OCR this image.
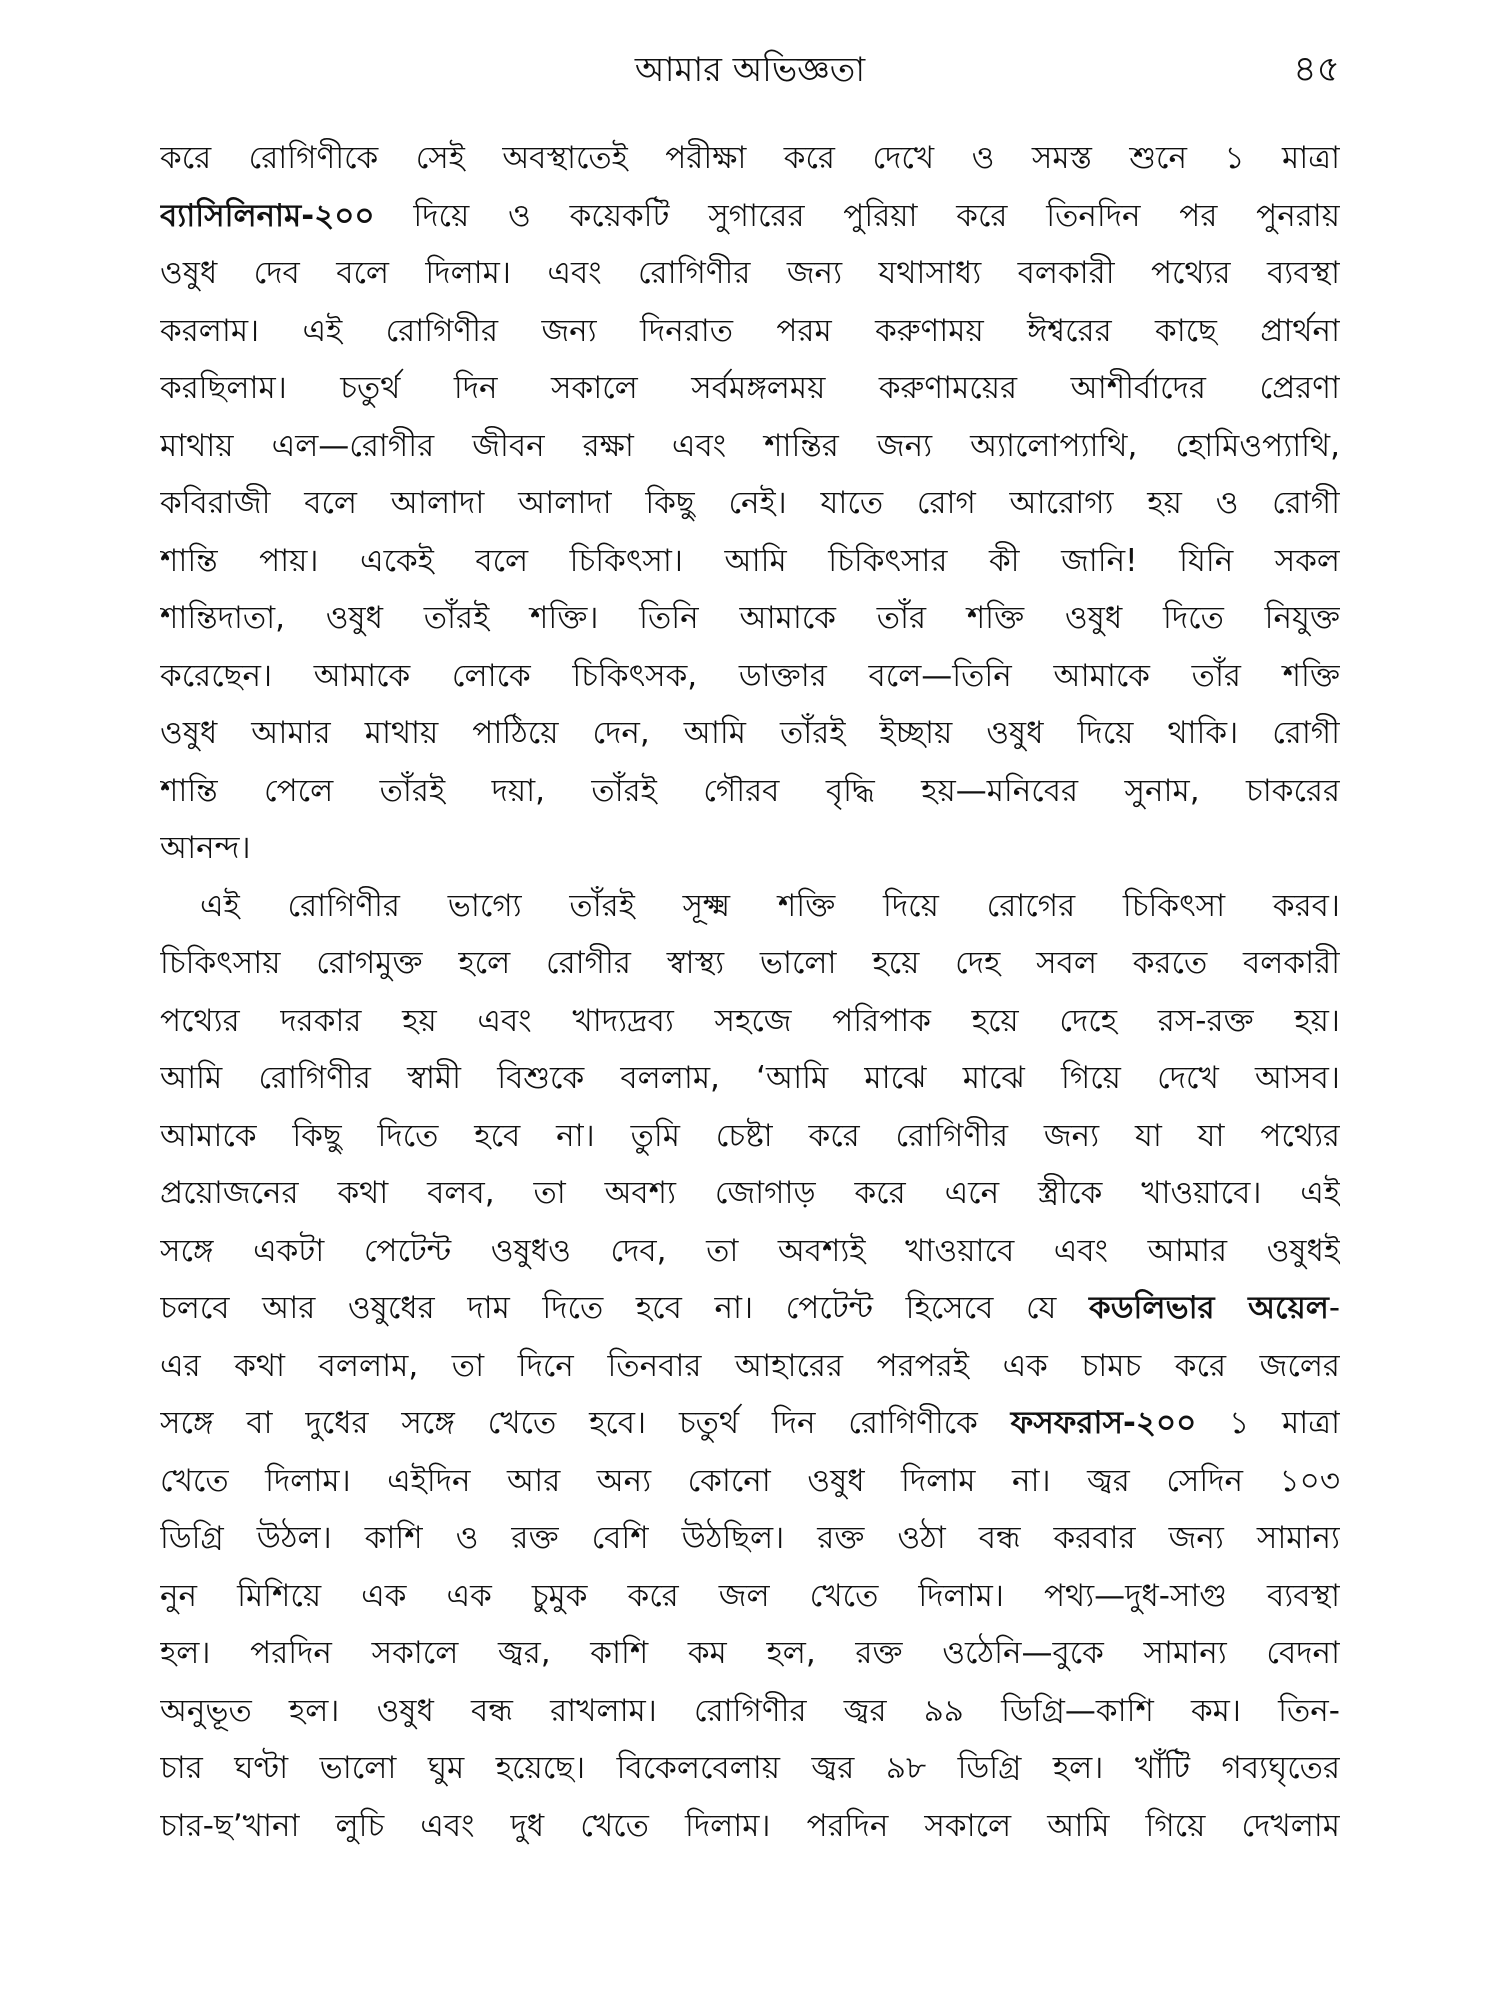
আমার অভিজ্ঞতা	৪৫
করে রোগিণীকে সেই অবস্থাতেই পরীক্ষা করে দেখে ও সমস্ত শুনে ১ মাত্রা
ব্যাসিলিনাম-২০০ দিয়ে ও কয়েকটি সুগারের পুরিয়া করে তিনদিন পর পুনরায়
ওষুধ দেব বলে দিলাম। এবং রোগিণীর জন্য যথাসাধ্য বলকারী পথ্যের ব্যবস্থা
করলাম। এই রোগিণীর জন্য দিনরাত পরম করুণাময় ঈশ্বরের কাছে প্রার্থনা
করছিলাম। চতুর্থ দিন সকালে সর্বমঙ্গলময় করুণাময়ের আশীর্বাদের প্রেরণা
মাথায় এল—রোগীর জীবন রক্ষা এবং শান্তির জন্য অ্যালোপ্যাথি, হোমিওপ্যাথি,
কবিরাজী বলে আলাদা আলাদা কিছু নেই। যাতে রোগ আরোগ্য হয় ও রোগী
শান্তি পায়। একেই বলে চিকিৎসা। আমি চিকিৎসার কী জানি! যিনি সকল
শান্তিদাতা, ওষুধ তাঁরই শক্তি। তিনি আমাকে তাঁর শক্তি ওষুধ দিতে নিযুক্ত
করেছেন। আমাকে লোকে চিকিৎসক, ডাক্তার বলে—তিনি আমাকে তাঁর শক্তি
ওষুধ আমার মাথায় পাঠিয়ে দেন, আমি তাঁরই ইচ্ছায় ওষুধ দিয়ে থাকি। রোগী
শান্তি পেলে তাঁরই দয়া, তাঁরই গৌরব বৃদ্ধি হয়—মনিবের সুনাম, চাকরের
আনন্দ।
এই রোগিণীর ভাগ্যে তাঁরই সূক্ষ্ম শক্তি দিয়ে রোগের চিকিৎসা করব।
চিকিৎসায় রোগমুক্ত হলে রোগীর স্বাস্থ্য ভালো হয়ে দেহ সবল করতে বলকারী
পথ্যের দরকার হয় এবং খাদ্যদ্রব্য সহজে পরিপাক হয়ে দেহে রস-রক্ত হয়।
আমি রোগিণীর স্বামী বিশুকে বললাম, ‘আমি মাঝে মাঝে গিয়ে দেখে আসব।
আমাকে কিছু দিতে হবে না। তুমি চেষ্টা করে রোগিণীর জন্য যা যা পথ্যের
প্রয়োজনের কথা বলব, তা অবশ্য জোগাড় করে এনে স্ত্রীকে খাওয়াবে। এই
সঙ্গে একটা পেটেন্ট ওষুধও দেব, তা অবশ্যই খাওয়াবে এবং আমার ওষুধই
চলবে আর ওষুধের দাম দিতে হবে না। পেটেন্ট হিসেবে যে কডলিভার অয়েল-
এর কথা বললাম, তা দিনে তিনবার আহারের পরপরই এক চামচ করে জলের
সঙ্গে বা দুধের সঙ্গে খেতে হবে। চতুর্থ দিন রোগিণীকে ফসফরাস-২০০ ১ মাত্রা
খেতে দিলাম। এইদিন আর অন্য কোনো ওষুধ দিলাম না। জ্বর সেদিন ১০৩
ডিগ্রি উঠল। কাশি ও রক্ত বেশি উঠছিল। রক্ত ওঠা বন্ধ করবার জন্য সামান্য
নুন মিশিয়ে এক এক চুমুক করে জল খেতে দিলাম। পথ্য—দুধ-সাগু ব্যবস্থা
হল। পরদিন সকালে জ্বর, কাশি কম হল, রক্ত ওঠেনি—বুকে সামান্য বেদনা
অনুভূত হল। ওষুধ বন্ধ রাখলাম। রোগিণীর জ্বর ৯৯ ডিগ্রি—কাশি কম। তিন-
চার ঘণ্টা ভালো ঘুম হয়েছে। বিকেলবেলায় জ্বর ৯৮ ডিগ্রি হল। খাঁটি গব্যঘৃতের
চার-ছ’খানা লুচি এবং দুধ খেতে দিলাম। পরদিন সকালে আমি গিয়ে দেখলাম
